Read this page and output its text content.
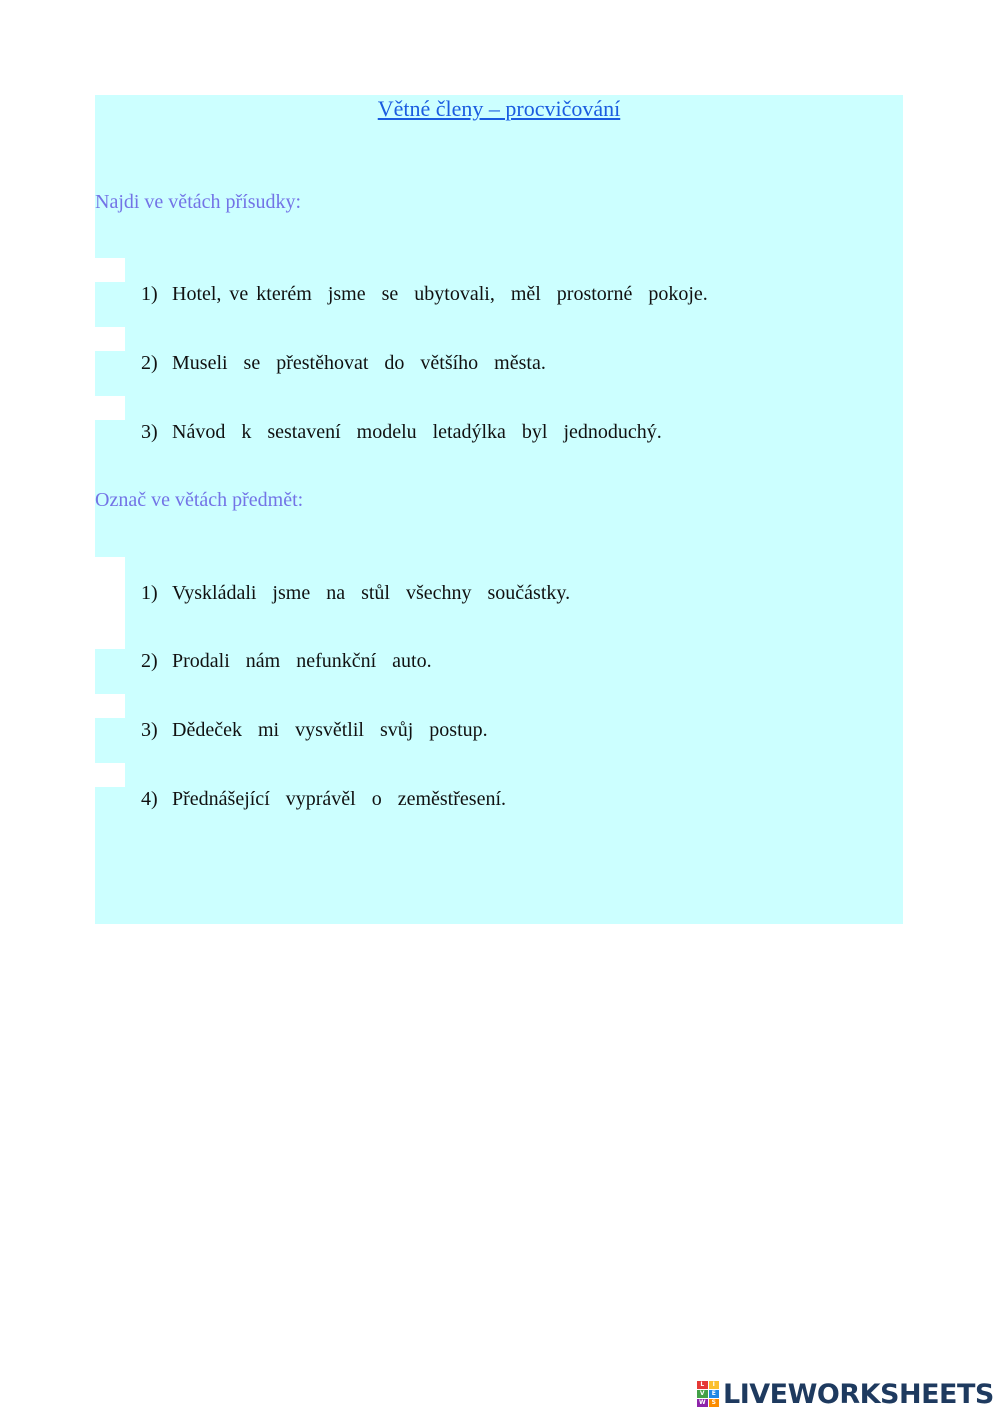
Větné členy – procvičování
Najdi ve větách přísudky:

1) Hotel, ve kterém  jsme  se  ubytovali,  měl  prostorné  pokoje.

2) Museli  se  přestěhovat  do  většího  města.

3) Návod  k  sestavení  modelu  letadýlka  byl  jednoduchý.

Označ ve větách předmět:

1) Vyskládali  jsme  na  stůl  všechny  součástky.

2) Prodali  nám  nefunkční  auto.

3) Dědeček  mi  vysvětlil  svůj  postup.

4) Přednášející  vyprávěl  o  zeměstřesení.

L	I
V	E
W	S LIVEWORKSHEETS
